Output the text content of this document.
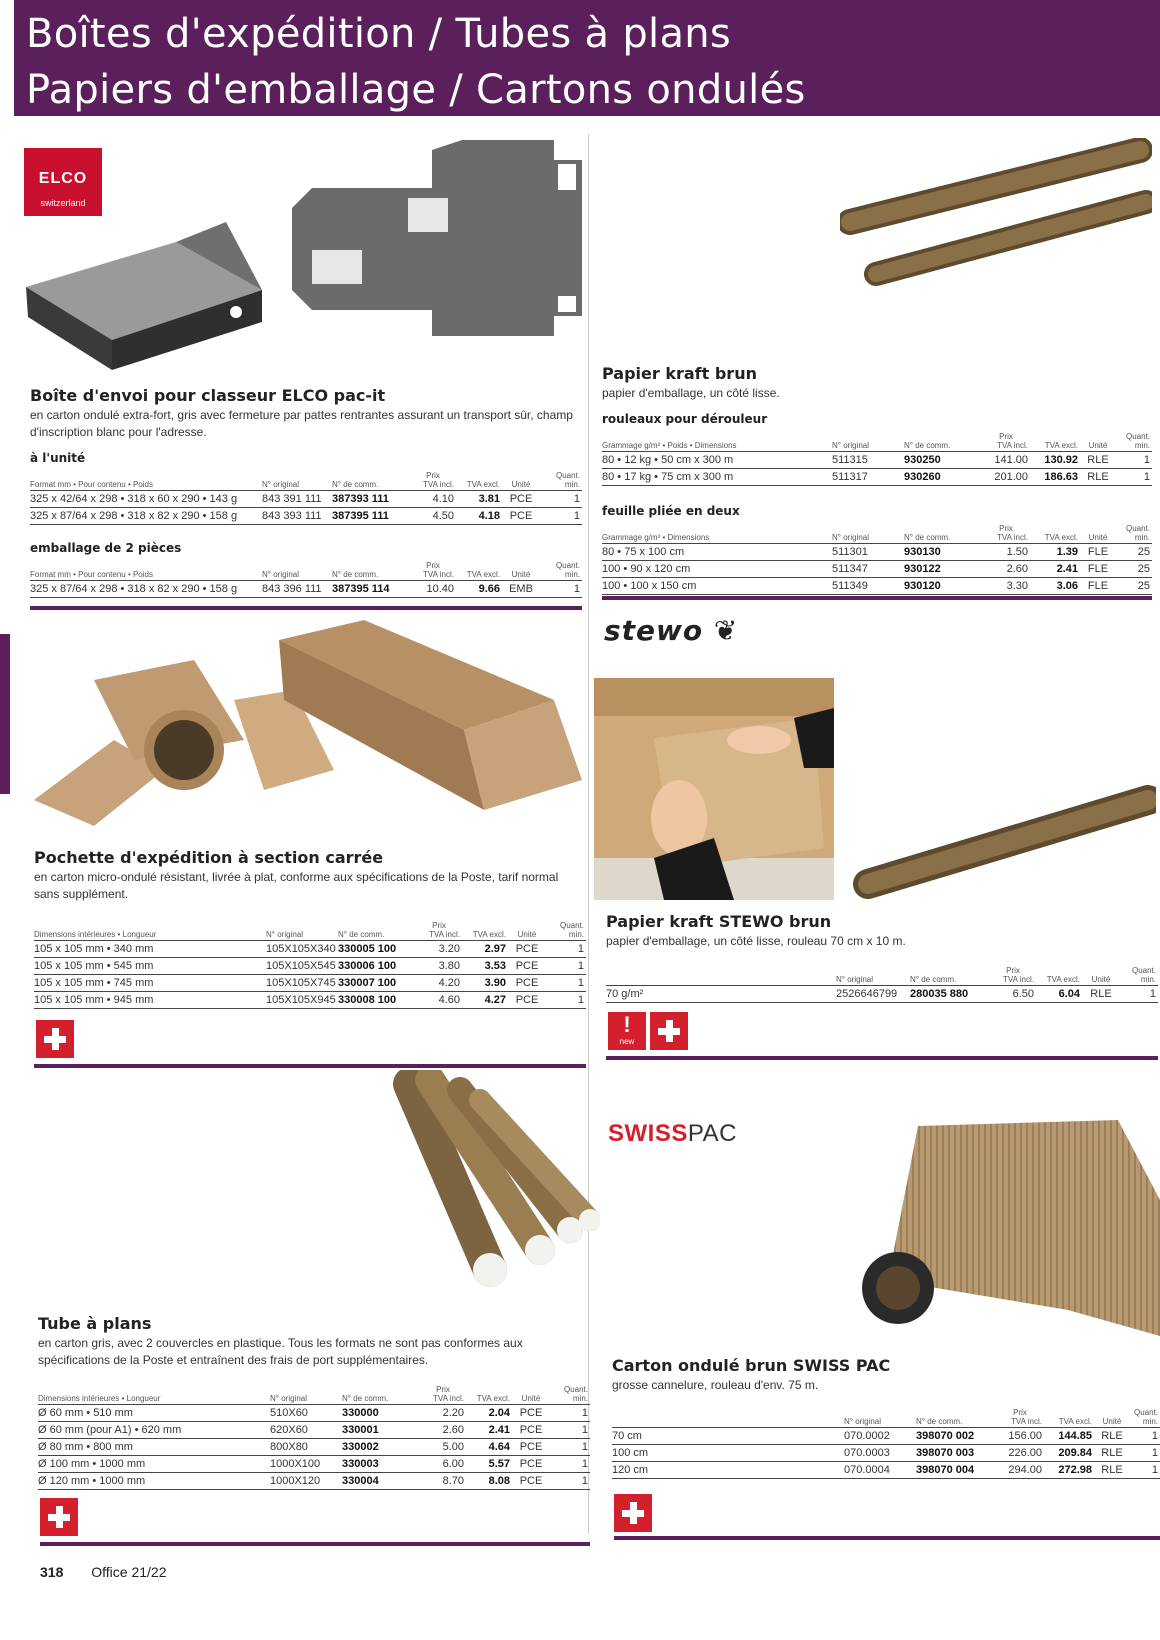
Boîtes d'expédition / Tubes à plans
Papiers d'emballage / Cartons ondulés
ELCO
switzerland
Boîte d'envoi pour classeur ELCO pac-it
en carton ondulé extra-fort, gris avec fermeture par pattes rentrantes assurant un transport sûr, champ d'inscription blanc pour l'adresse.
à l'unité
Format mm • Pour contenu • Poids	N° original	N° de comm.	Prix
TVA incl.	TVA excl.	Unité	Quant. min.
325 x 42/64 x 298 • 318 x 60 x 290 • 143 g	843 391 111	387393 111	4.10	3.81	PCE	1
325 x 87/64 x 298 • 318 x 82 x 290 • 158 g	843 393 111	387395 111	4.50	4.18	PCE	1
emballage de 2 pièces
Format mm • Pour contenu • Poids	N° original	N° de comm.	Prix
TVA incl.	TVA excl.	Unité	Quant. min.
325 x 87/64 x 298 • 318 x 82 x 290 • 158 g	843 396 111	387395 114	10.40	9.66	EMB	1
Papier kraft brun
papier d'emballage, un côté lisse.
rouleaux pour dérouleur
Grammage g/m² • Poids • Dimensions	N° original	N° de comm.	Prix
TVA incl.	TVA excl.	Unité	Quant. min.
80 • 12 kg • 50 cm x 300 m	511315	930250	141.00	130.92	RLE	1
80 • 17 kg • 75 cm x 300 m	511317	930260	201.00	186.63	RLE	1
feuille pliée en deux
Grammage g/m² • Dimensions	N° original	N° de comm.	Prix
TVA incl.	TVA excl.	Unité	Quant. min.
80 • 75 x 100 cm	511301	930130	1.50	1.39	FLE	25
100 • 90 x 120 cm	511347	930122	2.60	2.41	FLE	25
100 • 100 x 150 cm	511349	930120	3.30	3.06	FLE	25
Pochette d'expédition à section carrée
en carton micro-ondulé résistant, livrée à plat, conforme aux spécifications de la Poste, tarif normal sans supplément.
Dimensions intérieures • Longueur	N° original	N° de comm.	Prix
TVA incl.	TVA excl.	Unité	Quant. min.
105 x 105 mm • 340 mm	105X105X340	330005 100	3.20	2.97	PCE	1
105 x 105 mm • 545 mm	105X105X545	330006 100	3.80	3.53	PCE	1
105 x 105 mm • 745 mm	105X105X745	330007 100	4.20	3.90	PCE	1
105 x 105 mm • 945 mm	105X105X945	330008 100	4.60	4.27	PCE	1
stewo ❦
Papier kraft STEWO brun
papier d'emballage, un côté lisse, rouleau 70 cm x 10 m.
	N° original	N° de comm.	Prix
TVA incl.	TVA excl.	Unité	Quant. min.
70 g/m²	2526646799	280035 880	6.50	6.04	RLE	1
!
new
Tube à plans
en carton gris, avec 2 couvercles en plastique. Tous les formats ne sont pas conformes aux spécifications de la Poste et entraînent des frais de port supplémentaires.
Dimensions intérieures • Longueur	N° original	N° de comm.	Prix
TVA incl.	TVA excl.	Unité	Quant. min.
Ø 60 mm • 510 mm	510X60	330000	2.20	2.04	PCE	1
Ø 60 mm (pour A1) • 620 mm	620X60	330001	2.60	2.41	PCE	1
Ø 80 mm • 800 mm	800X80	330002	5.00	4.64	PCE	1
Ø 100 mm • 1000 mm	1000X100	330003	6.00	5.57	PCE	1
Ø 120 mm • 1000 mm	1000X120	330004	8.70	8.08	PCE	1
SWISSPAC
Carton ondulé brun SWISS PAC
grosse cannelure, rouleau d'env. 75 m.
	N° original	N° de comm.	Prix
TVA incl.	TVA excl.	Unité	Quant. min.
70 cm	070.0002	398070 002	156.00	144.85	RLE	1
100 cm	070.0003	398070 003	226.00	209.84	RLE	1
120 cm	070.0004	398070 004	294.00	272.98	RLE	1
318 Office 21/22
